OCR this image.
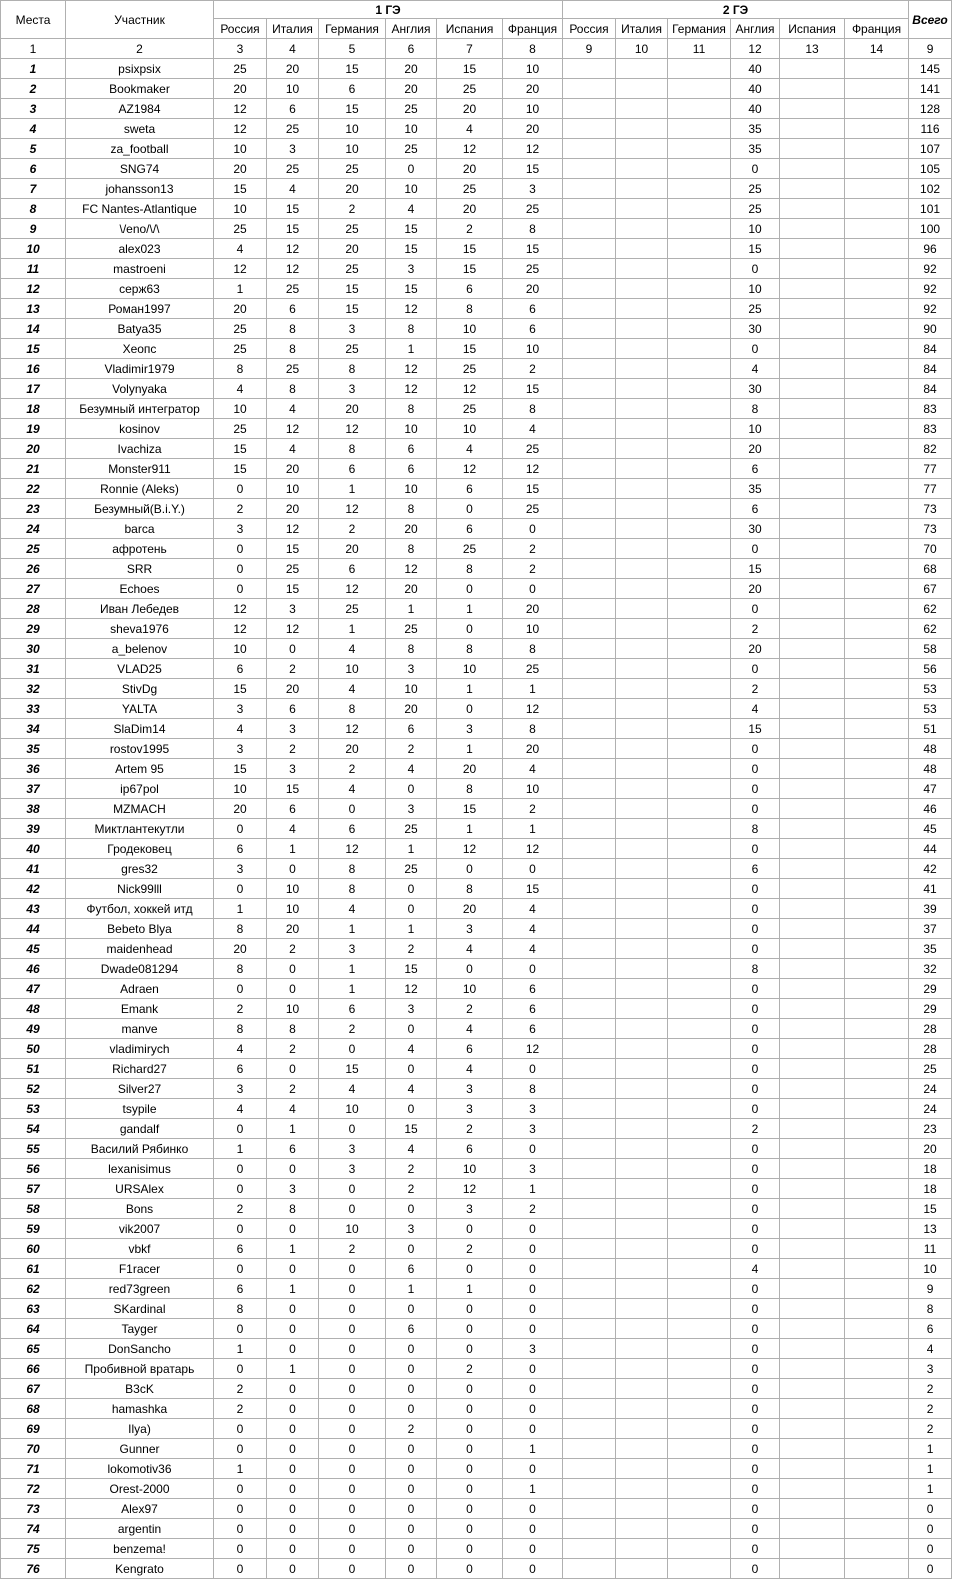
Места	Участник	1 ГЭ						2 ГЭ						Всего
		Россия	Италия	Германия	Англия	Испания	Франция	Россия	Италия	Германия	Англия	Испания	Франция	
1	2	3	4	5	6	7	8	9	10	11	12	13	14	9
1	psixpsix	25	20	15	20	15	10				40			145
2	Bookmaker	20	10	6	20	25	20				40			141
3	AZ1984	12	6	15	25	20	10				40			128
4	sweta	12	25	10	10	4	20				35			116
5	za_football	10	3	10	25	12	12				35			107
6	SNG74	20	25	25	0	20	15				0			105
7	johansson13	15	4	20	10	25	3				25			102
8	FC Nantes-Atlantique	10	15	2	4	20	25				25			101
9	\/eno/\/\	25	15	25	15	2	8				10			100
10	alex023	4	12	20	15	15	15				15			96
11	mastroeni	12	12	25	3	15	25				0			92
12	серж63	1	25	15	15	6	20				10			92
13	Роман1997	20	6	15	12	8	6				25			92
14	Batya35	25	8	3	8	10	6				30			90
15	Хеопс	25	8	25	1	15	10				0			84
16	Vladimir1979	8	25	8	12	25	2				4			84
17	Volynyaka	4	8	3	12	12	15				30			84
18	Безумный интегратор	10	4	20	8	25	8				8			83
19	kosinov	25	12	12	10	10	4				10			83
20	Ivachiza	15	4	8	6	4	25				20			82
21	Monster911	15	20	6	6	12	12				6			77
22	Ronnie (Aleks)	0	10	1	10	6	15				35			77
23	Безумный(B.i.Y.)	2	20	12	8	0	25				6			73
24	barca	3	12	2	20	6	0				30			73
25	афротень	0	15	20	8	25	2				0			70
26	SRR	0	25	6	12	8	2				15			68
27	Echoes	0	15	12	20	0	0				20			67
28	Иван Лебедев	12	3	25	1	1	20				0			62
29	sheva1976	12	12	1	25	0	10				2			62
30	a_belenov	10	0	4	8	8	8				20			58
31	VLAD25	6	2	10	3	10	25				0			56
32	StivDg	15	20	4	10	1	1				2			53
33	YALTA	3	6	8	20	0	12				4			53
34	SlaDim14	4	3	12	6	3	8				15			51
35	rostov1995	3	2	20	2	1	20				0			48
36	Artem 95	15	3	2	4	20	4				0			48
37	ip67pol	10	15	4	0	8	10				0			47
38	MZMACH	20	6	0	3	15	2				0			46
39	Миктлантекутли	0	4	6	25	1	1				8			45
40	Гродековец	6	1	12	1	12	12				0			44
41	gres32	3	0	8	25	0	0				6			42
42	Nick99lll	0	10	8	0	8	15				0			41
43	Футбол, хоккей итд	1	10	4	0	20	4				0			39
44	Bebeto Blya	8	20	1	1	3	4				0			37
45	maidenhead	20	2	3	2	4	4				0			35
46	Dwade081294	8	0	1	15	0	0				8			32
47	Adraen	0	0	1	12	10	6				0			29
48	Emank	2	10	6	3	2	6				0			29
49	manve	8	8	2	0	4	6				0			28
50	vladimirych	4	2	0	4	6	12				0			28
51	Richard27	6	0	15	0	4	0				0			25
52	Silver27	3	2	4	4	3	8				0			24
53	tsypile	4	4	10	0	3	3				0			24
54	gandalf	0	1	0	15	2	3				2			23
55	Василий Рябинко	1	6	3	4	6	0				0			20
56	lexanisimus	0	0	3	2	10	3				0			18
57	URSAlex	0	3	0	2	12	1				0			18
58	Bons	2	8	0	0	3	2				0			15
59	vik2007	0	0	10	3	0	0				0			13
60	vbkf	6	1	2	0	2	0				0			11
61	F1racer	0	0	0	6	0	0				4			10
62	red73green	6	1	0	1	1	0				0			9
63	SKardinal	8	0	0	0	0	0				0			8
64	Tayger	0	0	0	6	0	0				0			6
65	DonSancho	1	0	0	0	0	3				0			4
66	Пробивной вратарь	0	1	0	0	2	0				0			3
67	B3cK	2	0	0	0	0	0				0			2
68	hamashka	2	0	0	0	0	0				0			2
69	Ilya)	0	0	0	2	0	0				0			2
70	Gunner	0	0	0	0	0	1				0			1
71	lokomotiv36	1	0	0	0	0	0				0			1
72	Orest-2000	0	0	0	0	0	1				0			1
73	Alex97	0	0	0	0	0	0				0			0
74	argentin	0	0	0	0	0	0				0			0
75	benzema!	0	0	0	0	0	0				0			0
76	Kengrato	0	0	0	0	0	0				0			0
